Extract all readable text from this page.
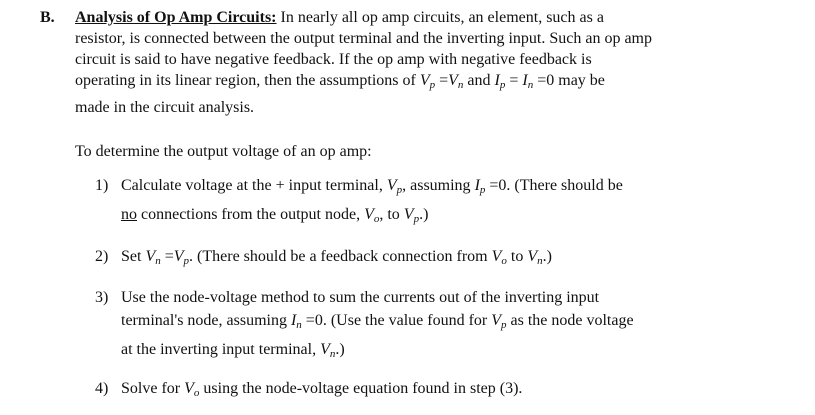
B. Analysis of Op Amp Circuits: In nearly all op amp circuits, an element, such as a
resistor, is connected between the output terminal and the inverting input. Such an op amp
circuit is said to have negative feedback. If the op amp with negative feedback is
operating in its linear region, then the assumptions of $V_p =V_n$ and $I_p = I_n =0$ may be
made in the circuit analysis.
To determine the output voltage of an op amp:
1) Calculate voltage at the + input terminal, $V_p$, assuming $I_p =0$. (There should be
no connections from the output node, $V_o$, to $V_p$.)
2) Set $V_n =V_p$. (There should be a feedback connection from $V_o$ to $V_n$.)
3) Use the node-voltage method to sum the currents out of the inverting input
terminal's node, assuming $I_n =0$. (Use the value found for $V_p$ as the node voltage
at the inverting input terminal, $V_n$.)
4) Solve for $V_o$ using the node-voltage equation found in step (3).
